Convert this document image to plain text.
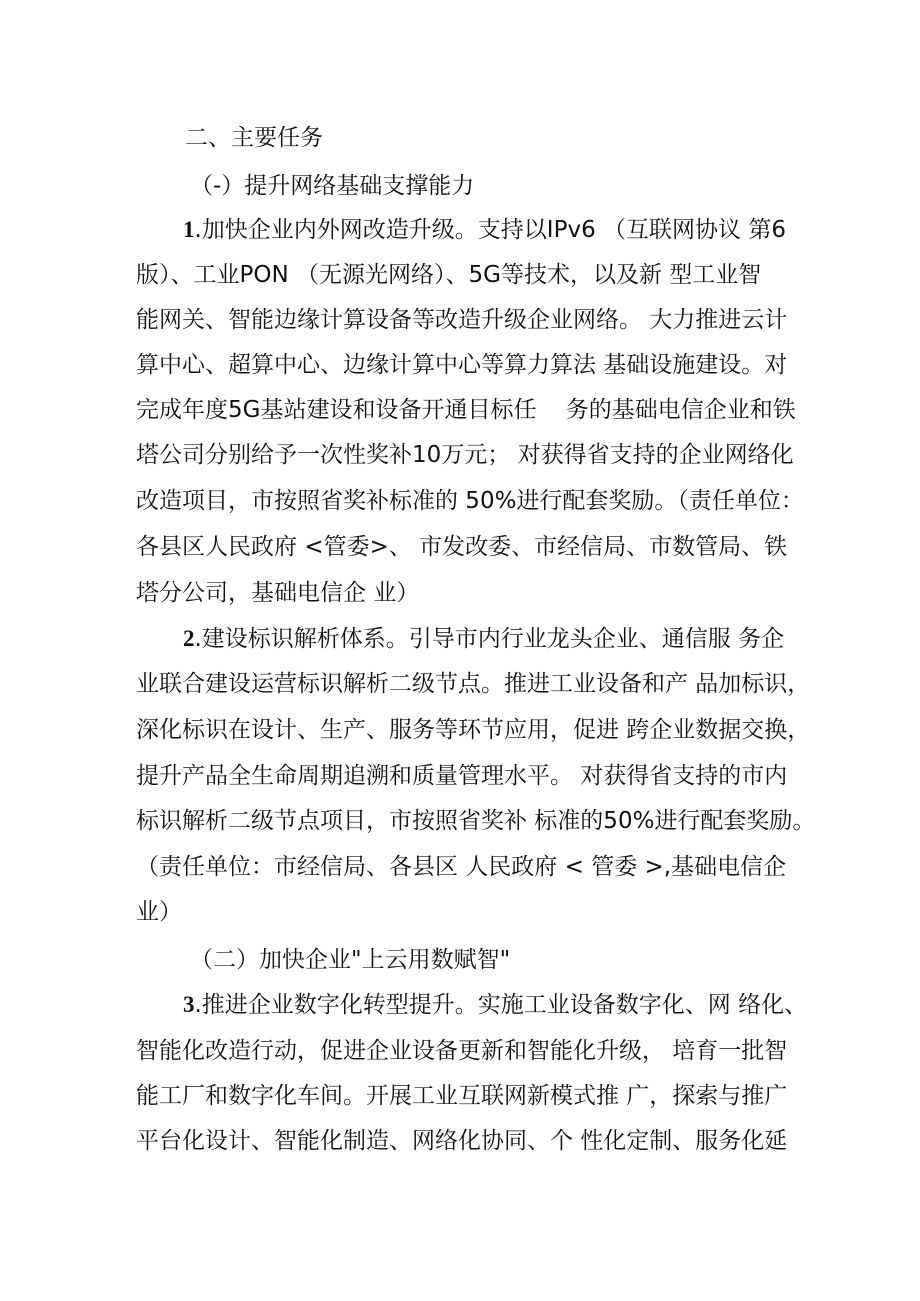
二、主要任务
（-）提升网络基础支撑能力
1.加快企业内外网改造升级。支持以IPv6 （互联网协议 第6
版）、工业PON （无源光网络）、5G等技术，以及新 型工业智
能网关、智能边缘计算设备等改造升级企业网络。 大力推进云计
算中心、超算中心、边缘计算中心等算力算法 基础设施建设。对
完成年度5G基站建设和设备开通目标任    务的基础电信企业和铁
塔公司分别给予一次性奖补10万元； 对获得省支持的企业网络化
改造项目，市按照省奖补标准的 50%进行配套奖励。（责任单位：
各县区人民政府 <管委>、 市发改委、市经信局、市数管局、铁
塔分公司，基础电信企 业）
2.建设标识解析体系。引导市内行业龙头企业、通信服 务企
业联合建设运营标识解析二级节点。推进工业设备和产 品加标识，
深化标识在设计、生产、服务等环节应用，促进 跨企业数据交换，
提升产品全生命周期追溯和质量管理水平。 对获得省支持的市内
标识解析二级节点项目，市按照省奖补 标准的50%进行配套奖励。
（责任单位：市经信局、各县区 人民政府 < 管委 >,基础电信企
业）
（二）加快企业"上云用数赋智"
3.推进企业数字化转型提升。实施工业设备数字化、网 络化、
智能化改造行动，促进企业设备更新和智能化升级， 培育一批智
能工厂和数字化车间。开展工业互联网新模式推 广，探索与推广
平台化设计、智能化制造、网络化协同、个 性化定制、服务化延
